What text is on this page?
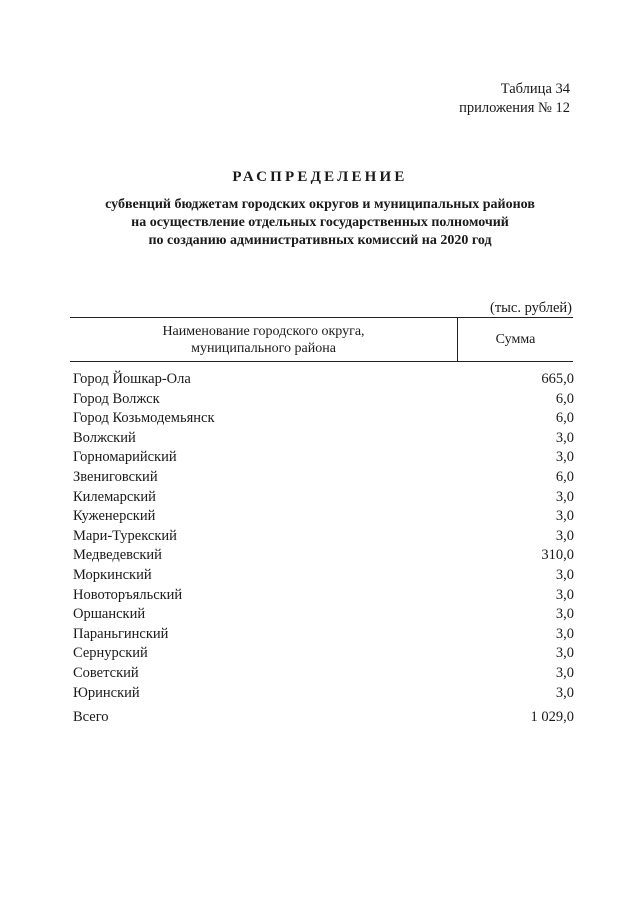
Таблица 34
приложения № 12
РАСПРЕДЕЛЕНИЕ
субвенций бюджетам городских округов и муниципальных районов
на осуществление отдельных государственных полномочий
по созданию административных комиссий на 2020 год
(тыс. рублей)
Наименование городского округа,
муниципального района
Сумма
Город Йошкар-Ола	665,0
Город Волжск	6,0
Город Козьмодемьянск	6,0
Волжский	3,0
Горномарийский	3,0
Звениговский	6,0
Килемарский	3,0
Куженерский	3,0
Мари-Турекский	3,0
Медведевский	310,0
Моркинский	3,0
Новоторъяльский	3,0
Оршанский	3,0
Параньгинский	3,0
Сернурский	3,0
Советский	3,0
Юринский	3,0
Всего	1 029,0
